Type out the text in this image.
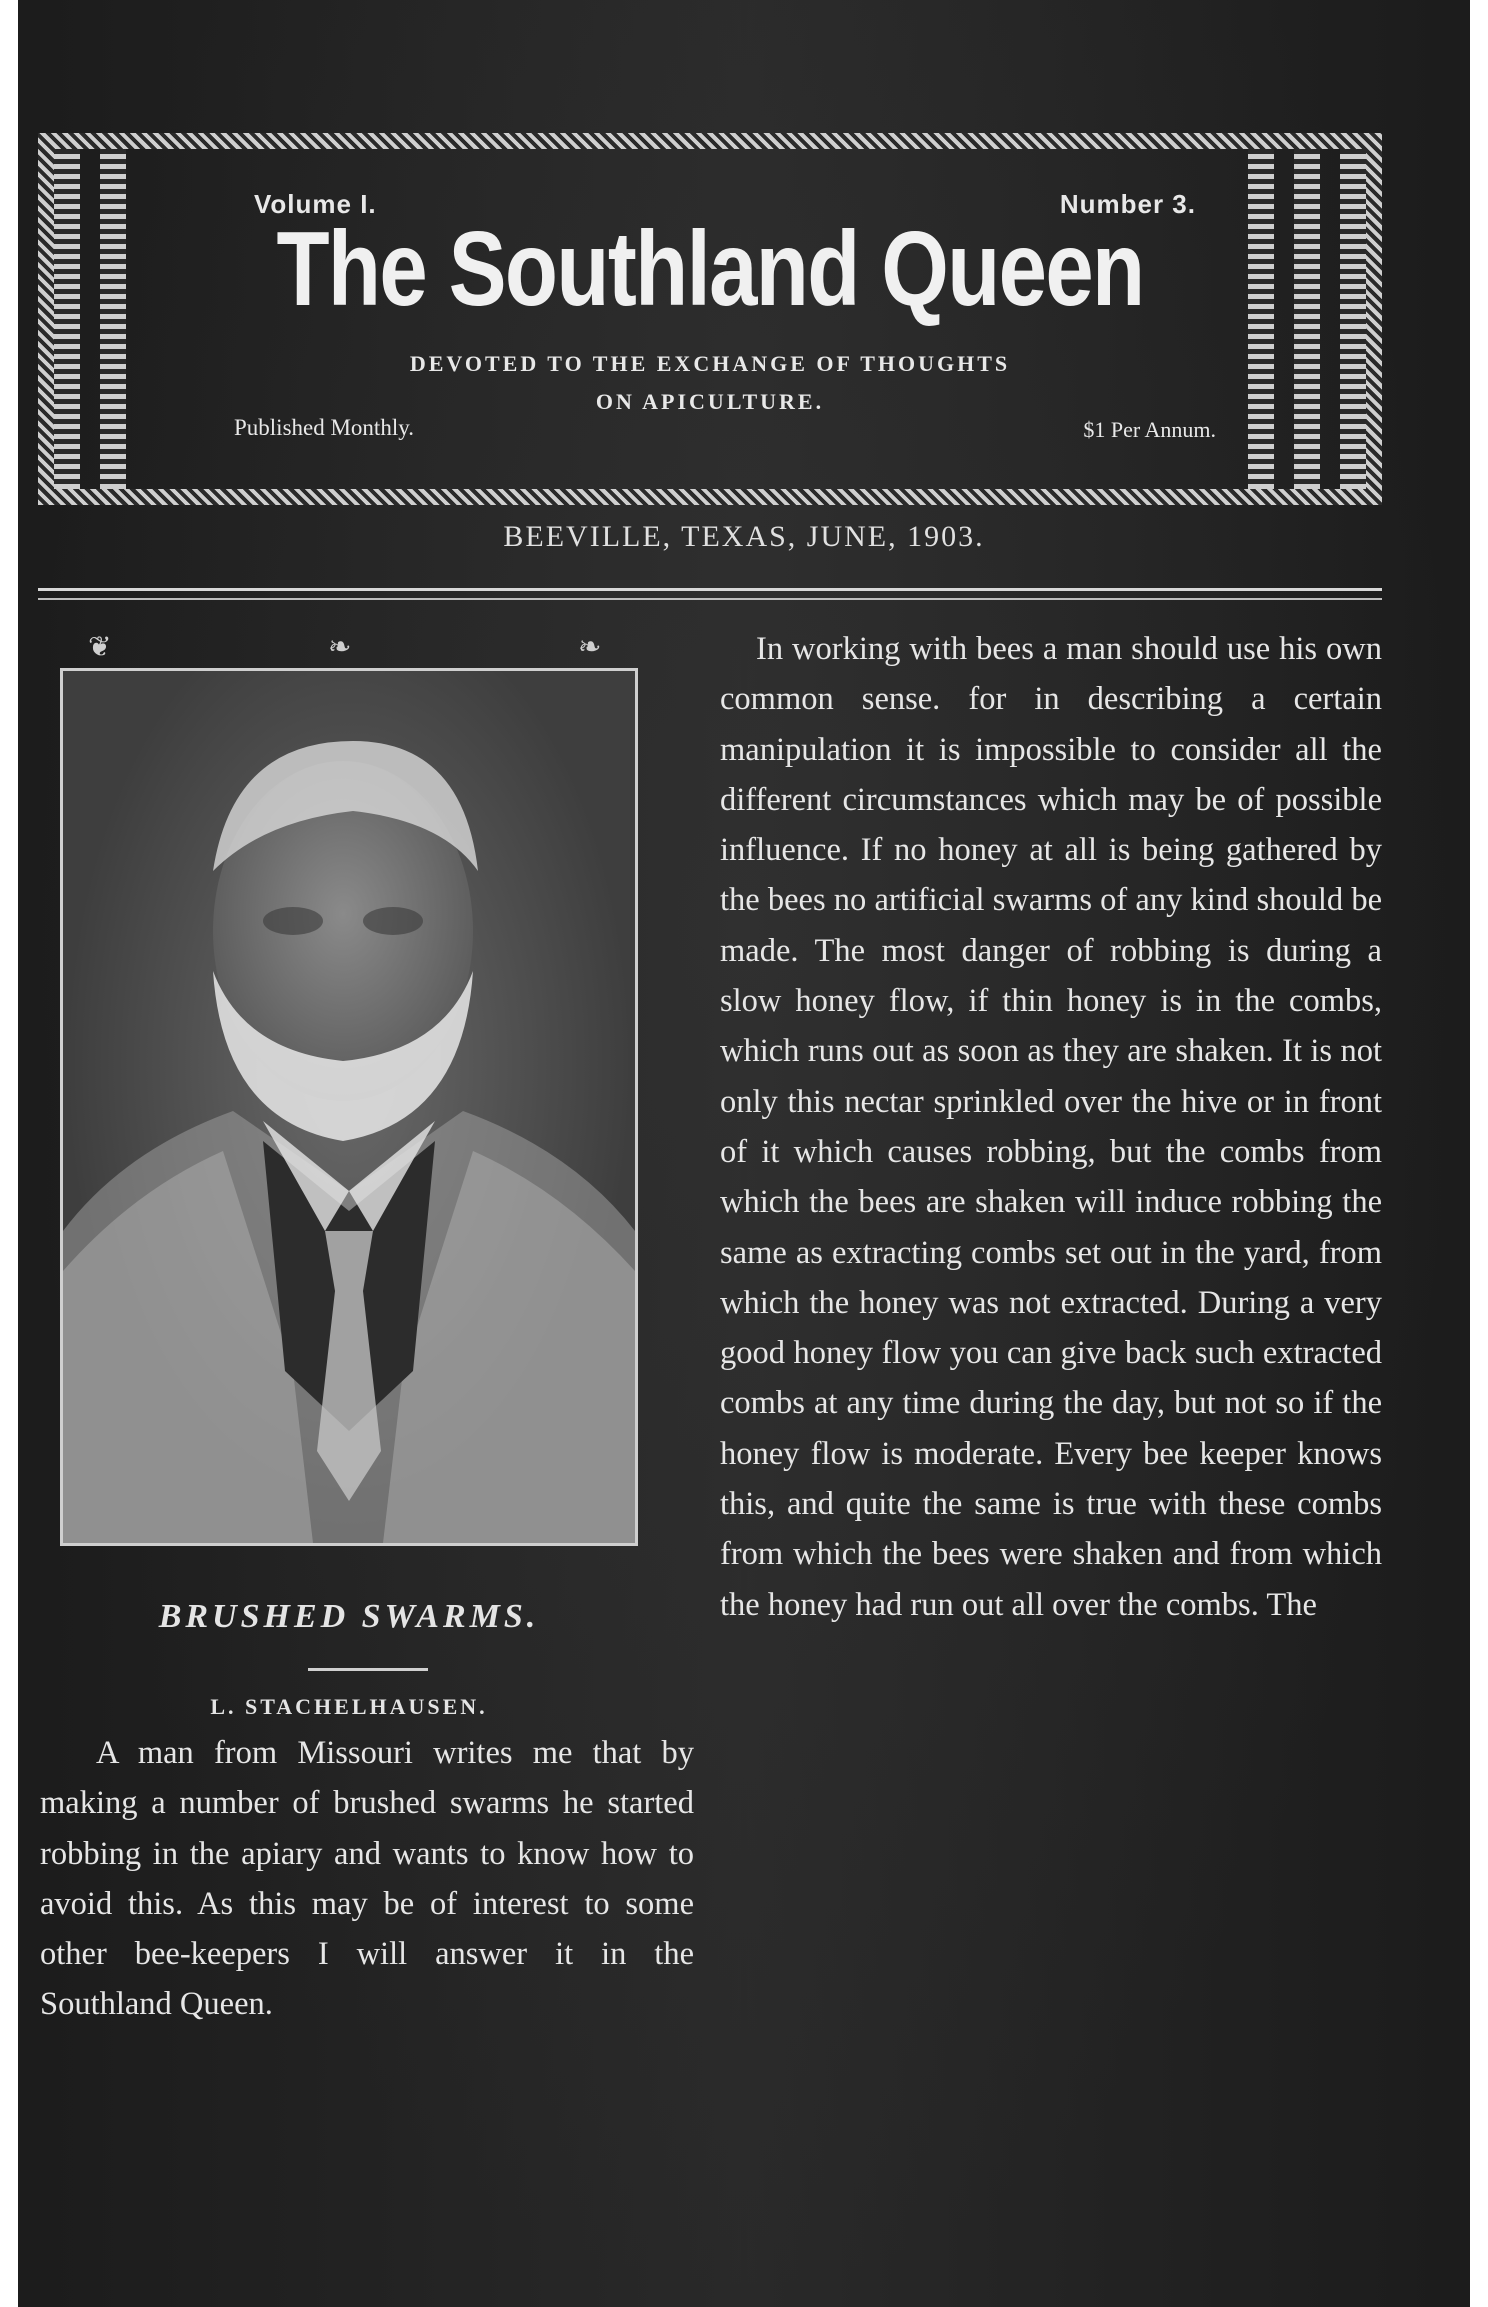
Volume I.	Number 3.
The Southland Queen
DEVOTED TO THE EXCHANGE OF THOUGHTS
ON APICULTURE.
Published Monthly.	$1 Per Annum.
BEEVILLE, TEXAS, JUNE, 1903.
❦	❧	❧
BRUSHED SWARMS.
L. STACHELHAUSEN.
A man from Missouri writes me that by making a number of brushed swarms he started robbing in the apiary and wants to know how to avoid this. As this may be of interest to some other bee-keepers I will answer it in the Southland Queen.
In working with bees a man should use his own common sense. for in describing a certain manipulation it is impossible to consider all the different circumstances which may be of possible influence. If no honey at all is being gathered by the bees no artificial swarms of any kind should be made. The most danger of robbing is during a slow honey flow, if thin honey is in the combs, which runs out as soon as they are shaken. It is not only this nectar sprinkled over the hive or in front of it which causes robbing, but the combs from which the bees are shaken will induce robbing the same as extracting combs set out in the yard, from which the honey was not extracted. During a very good honey flow you can give back such extracted combs at any time during the day, but not so if the honey flow is moderate. Every bee keeper knows this, and quite the same is true with these combs from which the bees were shaken and from which the honey had run out all over the combs. The
